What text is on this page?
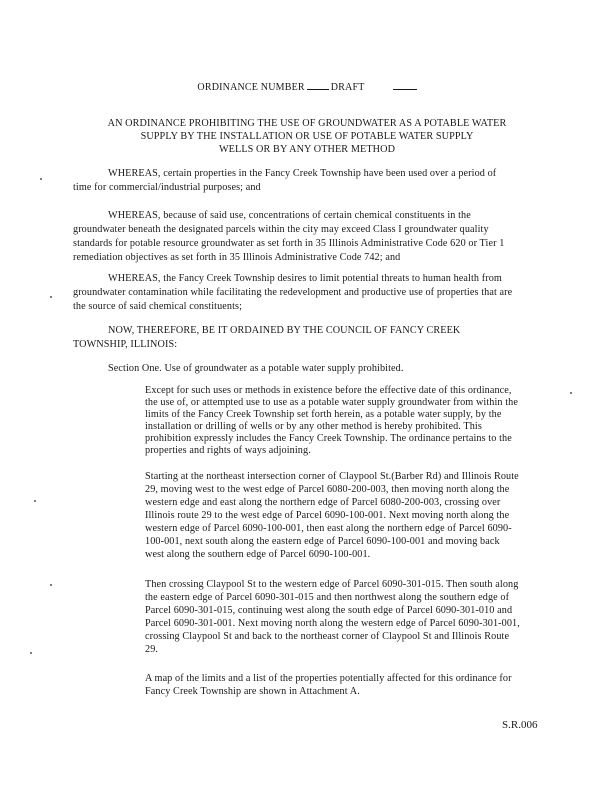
ORDINANCE NUMBER	DRAFT
AN ORDINANCE PROHIBITING THE USE OF GROUNDWATER AS A POTABLE WATER
SUPPLY BY THE INSTALLATION OR USE OF POTABLE WATER SUPPLY
WELLS OR BY ANY OTHER METHOD
WHEREAS, certain properties in the Fancy Creek Township have been used over a period of
time for commercial/industrial purposes; and
WHEREAS, because of said use, concentrations of certain chemical constituents in the
groundwater beneath the designated parcels within the city may exceed Class I groundwater quality
standards for potable resource groundwater as set forth in 35 Illinois Administrative Code 620 or Tier 1
remediation objectives as set forth in 35 Illinois Administrative Code 742; and
WHEREAS, the Fancy Creek Township desires to limit potential threats to human health from
groundwater contamination while facilitating the redevelopment and productive use of properties that are
the source of said chemical constituents;
NOW, THEREFORE, BE IT ORDAINED BY THE COUNCIL OF FANCY CREEK
TOWNSHIP, ILLINOIS:
Section One. Use of groundwater as a potable water supply prohibited.
Except for such uses or methods in existence before the effective date of this ordinance,
the use of, or attempted use to use as a potable water supply groundwater from within the
limits of the Fancy Creek Township set forth herein, as a potable water supply, by the
installation or drilling of wells or by any other method is hereby prohibited. This
prohibition expressly includes the Fancy Creek Township. The ordinance pertains to the
properties and rights of ways adjoining.
Starting at the northeast intersection corner of Claypool St.(Barber Rd) and Illinois Route
29, moving west to the west edge of Parcel 6080-200-003, then moving north along the
western edge and east along the northern edge of Parcel 6080-200-003, crossing over
Illinois route 29 to the west edge of Parcel 6090-100-001. Next moving north along the
western edge of Parcel 6090-100-001, then east along the northern edge of Parcel 6090-
100-001, next south along the eastern edge of Parcel 6090-100-001 and moving back
west along the southern edge of Parcel 6090-100-001.
Then crossing Claypool St to the western edge of Parcel 6090-301-015. Then south along
the eastern edge of Parcel 6090-301-015 and then northwest along the southern edge of
Parcel 6090-301-015, continuing west along the south edge of Parcel 6090-301-010 and
Parcel 6090-301-001. Next moving north along the western edge of Parcel 6090-301-001,
crossing Claypool St and back to the northeast corner of Claypool St and Illinois Route
29.
A map of the limits and a list of the properties potentially affected for this ordinance for
Fancy Creek Township are shown in Attachment A.
S.R.006
